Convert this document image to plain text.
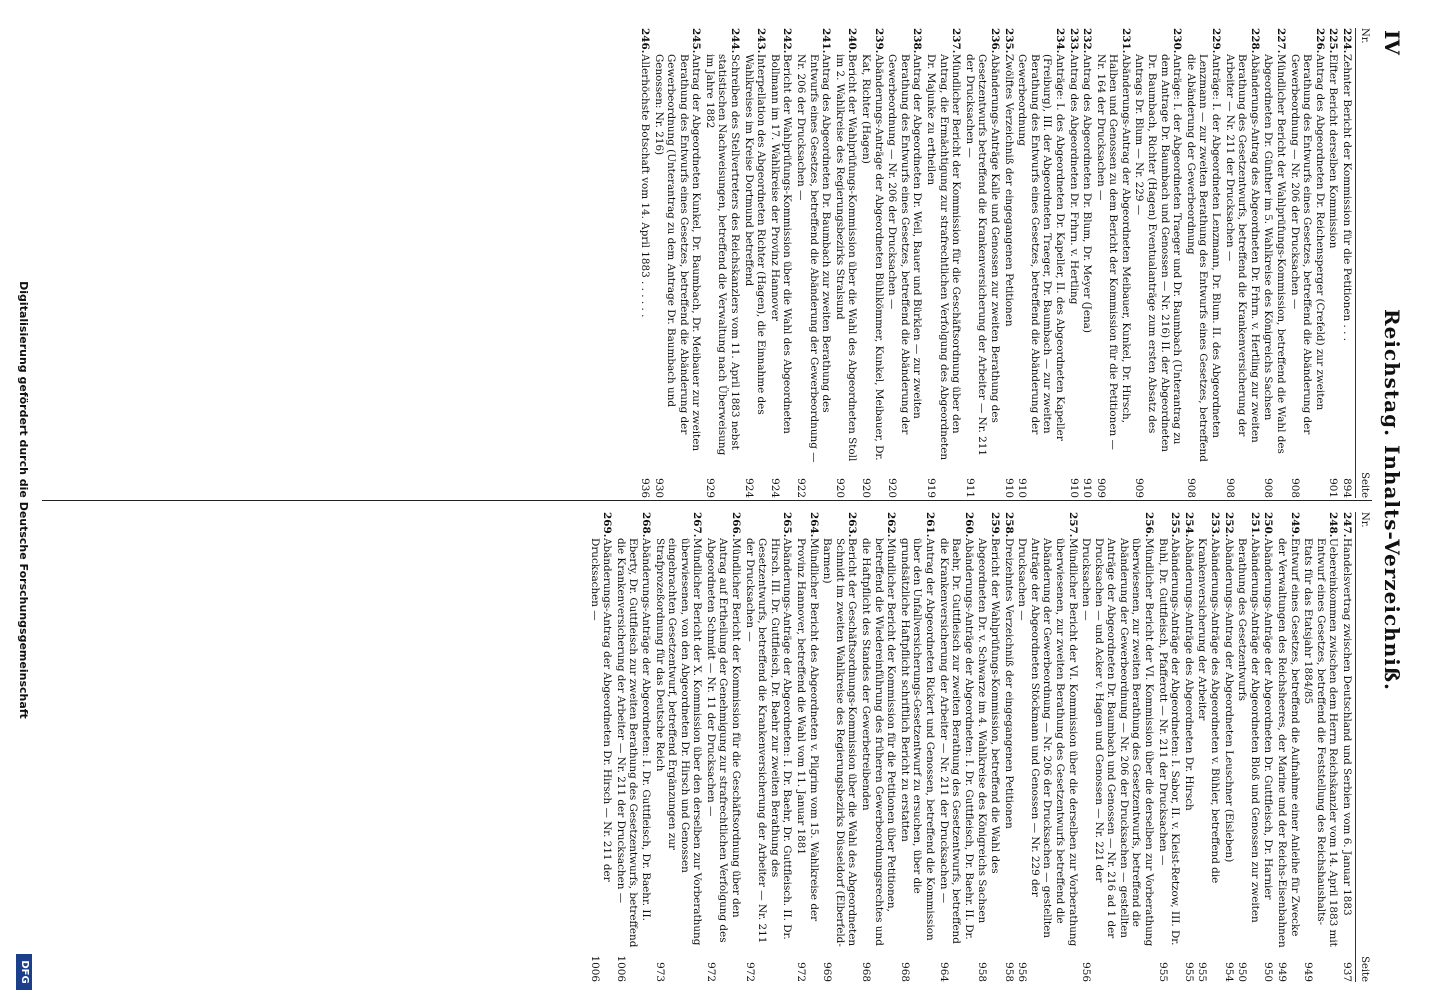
IV
Reichstag. Inhalts-Verzeichniß.
Nr.
Seite
224.
Zehnter Bericht der Kommission für die Petitionen . . .
894
225.
Elfter Bericht derselben Kommission
901
226.
Antrag des Abgeordneten Dr. Reichensperger (Crefeld) zur zweiten Berathung des Entwurfs eines Gesetzes, betreffend die Abänderung der Gewerbeordnung — Nr. 206 der Drucksachen —
908
227.
Mündlicher Bericht der Wahlprüfungs-Kommission, betreffend die Wahl des Abgeordneten Dr. Günther im 5. Wahlkreise des Königreichs Sachsen
908
228.
Abänderungs-Antrag des Abgeordneten Dr. Frhrn. v. Hertling zur zweiten Berathung des Gesetzentwurfs, betreffend die Krankenversicherung der Arbeiter — Nr. 211 der Drucksachen —
908
229.
Anträge: I. der Abgeordneten Lenzmann, Dr. Blum. II. des Abgeordneten Lenzmann — zur zweiten Berathung des Entwurfs eines Gesetzes, betreffend die Abänderung der Gewerbeordnung
908
230.
Anträge: I. der Abgeordneten Traeger und Dr. Baumbach (Unterantrag zu dem Antrage Dr. Baumbach und Genossen — Nr. 216) II. der Abgeordneten Dr. Baumbach, Richter (Hagen) Eventualanträge zum ersten Absatz des Antrags Dr. Blum — Nr. 229 —
909
231.
Abänderungs-Antrag der Abgeordneten Meibauer, Kunkel, Dr. Hirsch, Halben und Genossen zu dem Bericht der Kommission für die Petitionen — Nr. 164 der Drucksachen —
909
232.
Antrag des Abgeordneten Dr. Blum, Dr. Meyer (Jena)
910
233.
Antrag des Abgeordneten Dr. Frhrn. v. Hertling
910
234.
Anträge: I. des Abgeordneten Dr. Kapeller, II. des Abgeordneten Kapeller (Freiburg), III. der Abgeordneten Traeger, Dr. Baumbach — zur zweiten Berathung des Entwurfs eines Gesetzes, betreffend die Abänderung der Gewerbeordnung
910
235.
Zwölftes Verzeichniß der eingegangenen Petitionen
910
236.
Abänderungs-Anträge Kalle und Genossen zur zweiten Berathung des Gesetzentwurfs betreffend die Krankenversicherung der Arbeiter — Nr. 211 der Drucksachen —
911
237.
Mündlicher Bericht der Kommission für die Geschäftsordnung über den Antrag, die Ermächtigung zur strafrechtlichen Verfolgung des Abgeordneten Dr. Majunke zu ertheilen
919
238.
Antrag der Abgeordneten Dr. Weil, Bauer und Bürklen — zur zweiten Berathung des Entwurfs eines Gesetzes, betreffend die Abänderung der Gewerbeordnung — Nr. 206 der Drucksachen —
920
239.
Abänderungs-Anträge der Abgeordneten Bühlkömmer, Kunkel, Meibauer, Dr. Kat, Richter (Hagen)
920
240.
Bericht der Wahlprüfungs-Kommission über die Wahl des Abgeordneten Stoll im 2. Wahlkreise des Regierungsbezirks Stralsund
920
241.
Antrag des Abgeordneten Dr. Baumbach zur zweiten Berathung des Entwurfs eines Gesetzes, betreffend die Abänderung der Gewerbeordnung — Nr. 206 der Drucksachen —
922
242.
Bericht der Wahlprüfungs-Kommission über die Wahl des Abgeordneten Bollmann im 17. Wahlkreise der Provinz Hannover
924
243.
Interpellation des Abgeordneten Richter (Hagen), die Einnahme des Wahlkreises im Kreise Dortmund betreffend
924
244.
Schreiben des Stellvertreters des Reichskanzlers vom 11. April 1883 nebst statistischen Nachweisungen, betreffend die Verwaltung nach Überweisung im Jahre 1882
929
245.
Antrag der Abgeordneten Kunkel, Dr. Baumbach, Dr. Meibauer zur zweiten Berathung des Entwurfs eines Gesetzes, betreffend die Abänderung der Gewerbeordnung (Unterantrag zu dem Antrage Dr. Baumbach und Genossen: Nr. 216)
930
246.
Allerhöchste Botschaft vom 14. April 1883 . . . . . .
936
Nr.
Seite
247.
Handelsvertrag zwischen Deutschland und Serbien vom 6. Januar 1883
937
248.
Uebereinkommen zwischen dem Herrn Reichskanzler vom 14. April 1883 mit Entwurf eines Gesetzes, betreffend die Feststellung des Reichshaushalts-Etats für das Etatsjahr 1884/85
949
249.
Entwurf eines Gesetzes, betreffend die Aufnahme einer Anleihe für Zwecke der Verwaltungen des Reichsheeres, der Marine und der Reichs-Eisenbahnen
949
250.
Abänderungs-Anträge der Abgeordneten Dr. Guttfleisch, Dr. Harnier
950
251.
Abänderungs-Anträge der Abgeordneten Bloß und Genossen zur zweiten Berathung des Gesetzentwurfs
950
252.
Abänderungs-Antrag der Abgeordneten Leuschner (Eisleben)
954
253.
Abänderungs-Anträge des Abgeordneten v. Bühler, betreffend die Krankenversicherung der Arbeiter
955
254.
Abänderungs-Anträge des Abgeordneten Dr. Hirsch
955
255.
Abänderungs-Anträge der Abgeordneten: I. Sabor, II. v. Kleist-Retzow, III. Dr. Buhl, Dr. Guttfleisch, Pfafferott — Nr. 211 der Drucksachen —
955
256.
Mündlicher Bericht der VI. Kommission über die derselben zur Vorberathung überwiesenen, zur zweiten Berathung des Gesetzentwurfs, betreffend die Abänderung der Gewerbeordnung — Nr. 206 der Drucksachen — gestellten Anträge der Abgeordneten Dr. Baumbach und Genossen — Nr. 216 ad 1 der Drucksachen — und Acker v. Hagen und Genossen — Nr. 221 der Drucksachen —
956
257.
Mündlicher Bericht der VI. Kommission über die derselben zur Vorberathung überwiesenen, zur zweiten Berathung des Gesetzentwurfs betreffend die Abänderung der Gewerbeordnung — Nr. 206 der Drucksachen — gestellten Anträge der Abgeordneten Stöckmann und Genossen — Nr. 229 der Drucksachen —
956
258.
Dreizehntes Verzeichniß der eingegangenen Petitionen
958
259.
Bericht der Wahlprüfungs-Kommission, betreffend die Wahl des Abgeordneten Dr. v. Schwarze im 4. Wahlkreise des Königreichs Sachsen
958
260.
Abänderungs-Anträge der Abgeordneten: I. Dr. Guttfleisch, Dr. Baehr. II. Dr. Baehr, Dr. Guttfleisch zur zweiten Berathung des Gesetzentwurfs, betreffend die Krankenversicherung der Arbeiter — Nr. 211 der Drucksachen —
964
261.
Antrag der Abgeordneten Rickert und Genossen, betreffend die Kommission über den Unfallversicherungs-Gesetzentwurf zu ersuchen, über die grundsätzliche Haftpflicht schriftlich Bericht zu erstatten
968
262.
Mündlicher Bericht der Kommission für die Petitionen über Petitionen, betreffend die Wiedereinführung des früheren Gewerbeordnungsrechtes und die Haftpflicht des Standes der Gewerbetreibenden
968
263.
Bericht der Geschäftsordnungs-Kommission über die Wahl des Abgeordneten Schmidt im zweiten Wahlkreise des Regierungsbezirks Düsseldorf (Elberfeld-Barmen)
969
264.
Mündlicher Bericht des Abgeordneten v. Pilgrim vom 15. Wahlkreise der Provinz Hannover, betreffend die Wahl vom 11. Januar 1881
972
265.
Abänderungs-Anträge der Abgeordneten: I. Dr. Baehr, Dr. Guttfleisch. II. Dr. Hirsch. III. Dr. Guttfleisch, Dr. Baehr zur zweiten Berathung des Gesetzentwurfs, betreffend die Krankenversicherung der Arbeiter — Nr. 211 der Drucksachen —
972
266.
Mündlicher Bericht der Kommission für die Geschäftsordnung über den Antrag auf Ertheilung der Genehmigung zur strafrechtlichen Verfolgung des Abgeordneten Schmidt — Nr. 11 der Drucksachen —
972
267.
Mündlicher Bericht der X. Kommission über den derselben zur Vorberathung überwiesenen, von den Abgeordneten Dr. Hirsch und Genossen eingebrachten Gesetzentwurf, betreffend Ergänzungen zur Strafprozeßordnung für das Deutsche Reich
973
268.
Abänderungs-Anträge der Abgeordneten: I. Dr. Guttfleisch, Dr. Baehr. II. Eberty, Dr. Guttfleisch zur zweiten Berathung des Gesetzentwurfs, betreffend die Krankenversicherung der Arbeiter — Nr. 211 der Drucksachen —
1006
269.
Abänderungs-Antrag der Abgeordneten Dr. Hirsch — Nr. 211 der Drucksachen —
1006
Digitalisierung gefördert durch die Deutsche Forschungsgemeinschaft
DFG
